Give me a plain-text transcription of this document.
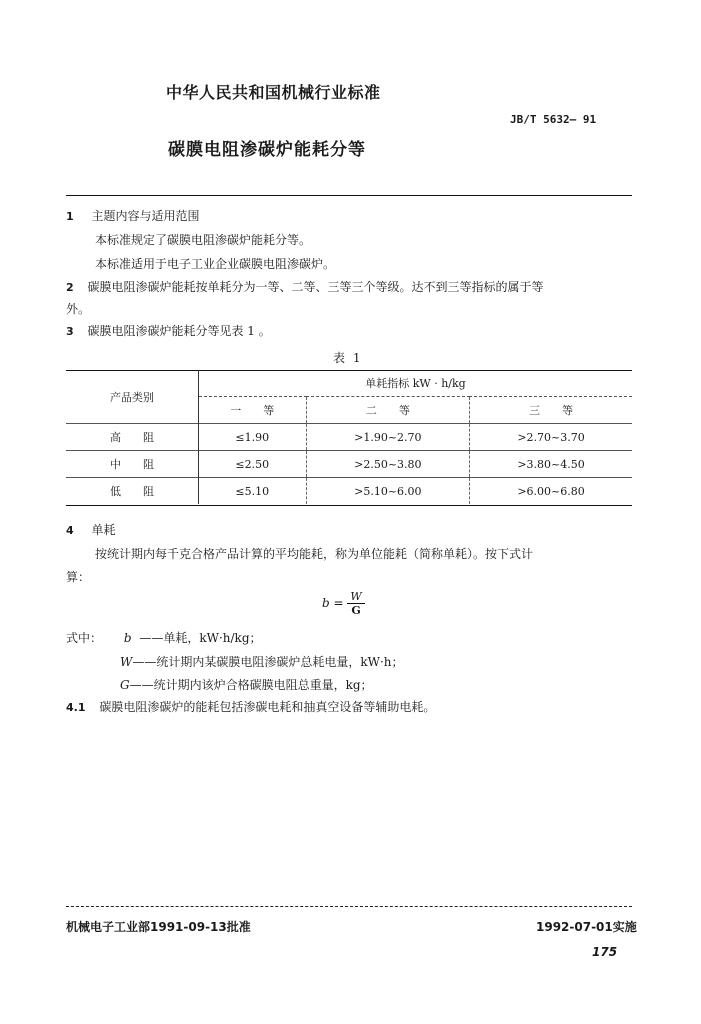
中华人民共和国机械行业标准
JB/T 5632— 91
碳膜电阻渗碳炉能耗分等
1 主题内容与适用范围
本标准规定了碳膜电阻渗碳炉能耗分等。
本标准适用于电子工业企业碳膜电阻渗碳炉。
2 碳膜电阻渗碳炉能耗按单耗分为一等、二等、三等三个等级。达不到三等指标的属于等
外。
3 碳膜电阻渗碳炉能耗分等见表 1 。
表 1
产品类别	单耗指标 kW · h/kg		
	一　　等	二　　等	三　　等
高　　阻	≤1.90	>1.90~2.70	>2.70~3.70
中　　阻	≤2.50	>2.50~3.80	>3.80~4.50
低　　阻	≤5.10	>5.10~6.00	>6.00~6.80
4 单耗
按统计期内每千克合格产品计算的平均能耗，称为单位能耗（简称单耗）。按下式计
算：
$b = \frac{W}{G}$
式中： b ——单耗，kW·h/kg；
W——统计期内某碳膜电阻渗碳炉总耗电量，kW·h；
G——统计期内该炉合格碳膜电阻总重量，kg；
4.1 碳膜电阻渗碳炉的能耗包括渗碳电耗和抽真空设备等辅助电耗。
机械电子工业部1991-09-13批准	1992-07-01实施
175
